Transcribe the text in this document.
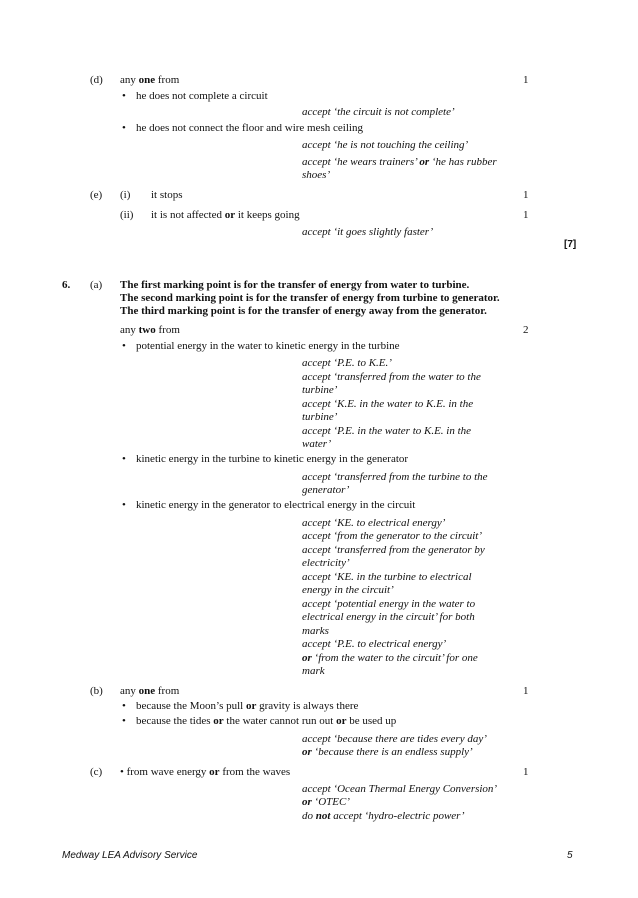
(d) any one from	1
• he does not complete a circuit
accept ‘the circuit is not complete’
• he does not connect the floor and wire mesh ceiling
accept ‘he is not touching the ceiling’
accept ‘he wears trainers’ or ‘he has rubber
shoes’
(e) (i) it stops	1
(ii) it is not affected or it keeps going	1
accept ‘it goes slightly faster’
[7]
6. (a) The first marking point is for the transfer of energy from water to turbine.
The second marking point is for the transfer of energy from turbine to generator.
The third marking point is for the transfer of energy away from the generator.
any two from	2
• potential energy in the water to kinetic energy in the turbine
accept ‘P.E. to K.E.’
accept ‘transferred from the water to the
turbine’
accept ‘K.E. in the water to K.E. in the
turbine’
accept ‘P.E. in the water to K.E. in the
water’
• kinetic energy in the turbine to kinetic energy in the generator
accept ‘transferred from the turbine to the
generator’
• kinetic energy in the generator to electrical energy in the circuit
accept ‘KE. to electrical energy’
accept ‘from the generator to the circuit’
accept ‘transferred from the generator by
electricity’
accept ‘KE. in the turbine to electrical
energy in the circuit’
accept ‘potential energy in the water to
electrical energy in the circuit’ for both
marks
accept ‘P.E. to electrical energy’
or ‘from the water to the circuit’ for one
mark
(b) any one from	1
• because the Moon’s pull or gravity is always there
• because the tides or the water cannot run out or be used up
accept ‘because there are tides every day’
or ‘because there is an endless supply’
(c) • from wave energy or from the waves	1
accept ‘Ocean Thermal Energy Conversion’
or ‘OTEC’
do not accept ‘hydro-electric power’
Medway LEA Advisory Service	5
